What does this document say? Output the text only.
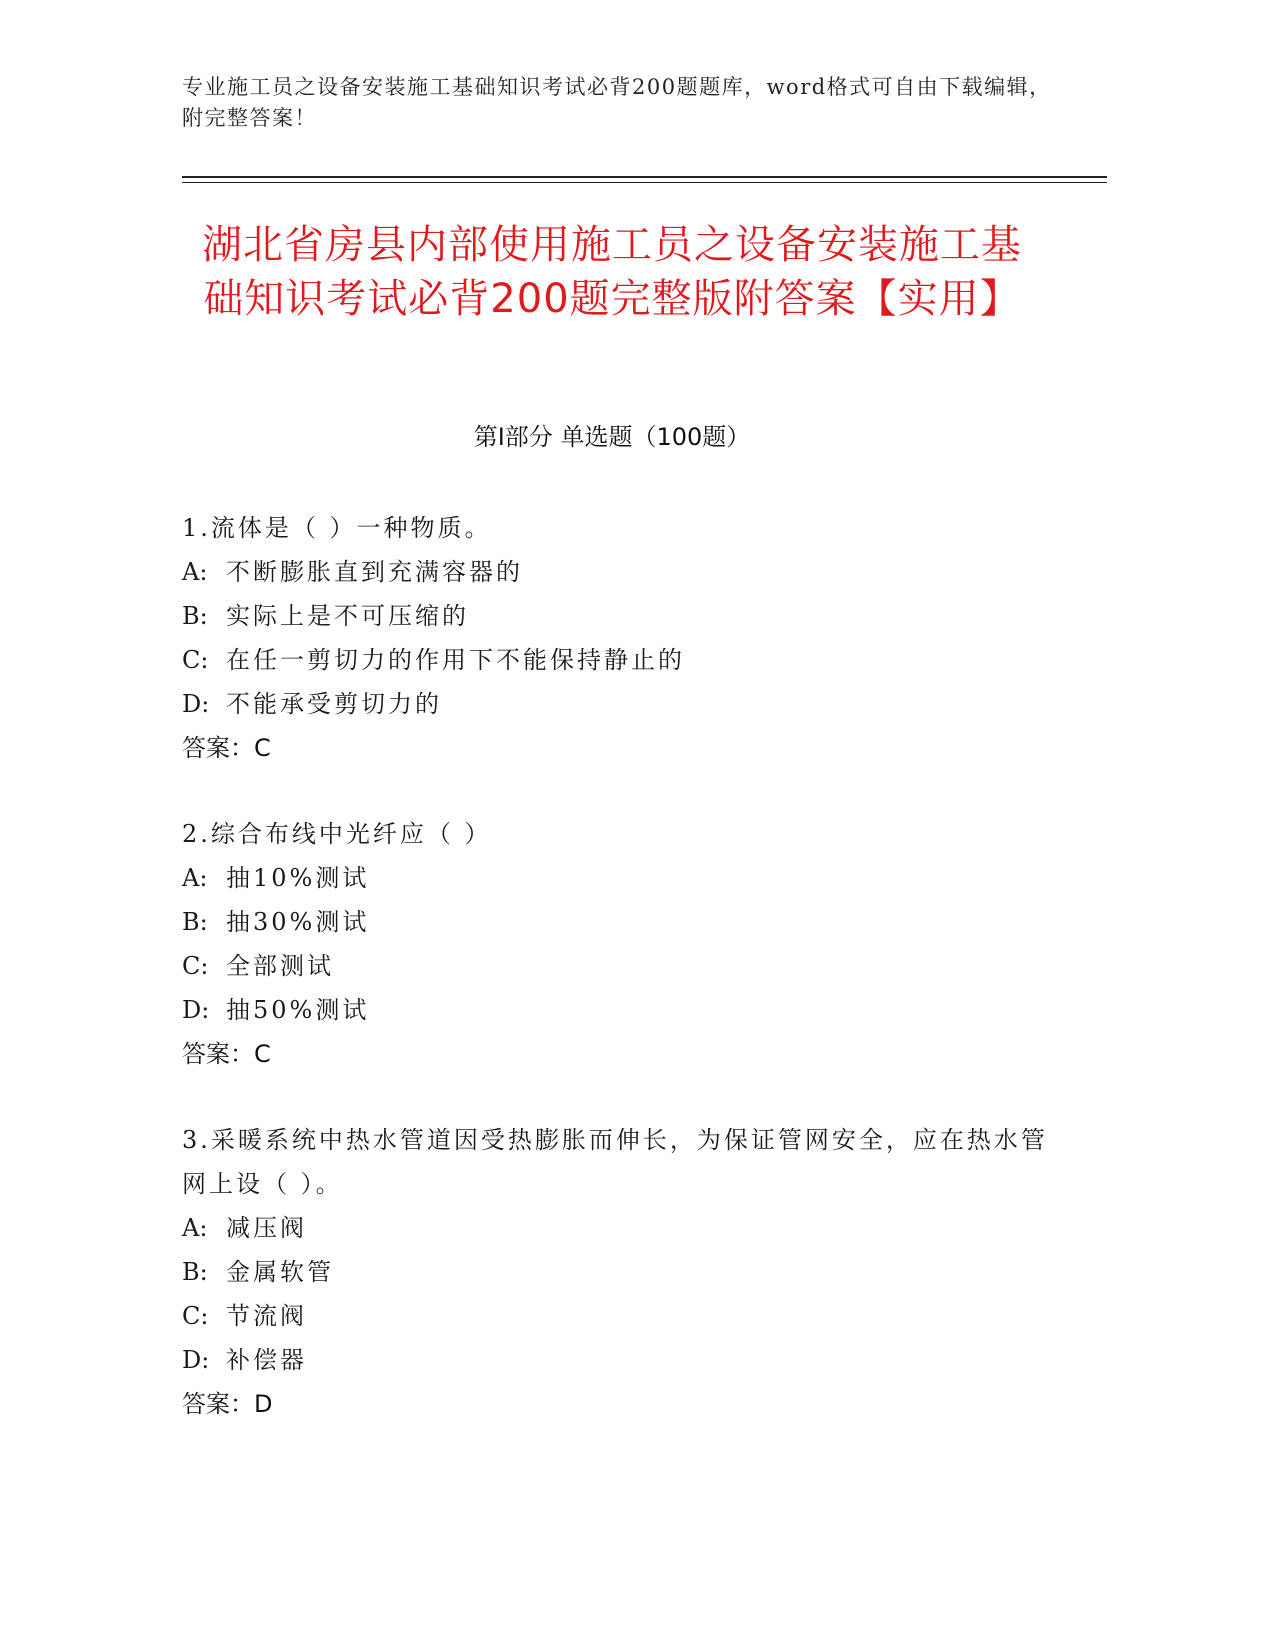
专业施工员之设备安装施工基础知识考试必背200题题库，word格式可自由下载编辑，附完整答案！
湖北省房县内部使用施工员之设备安装施工基础知识考试必背200题完整版附答案【实用】
第I部分 单选题（100题）
1.流体是（ ）一种物质。
A: 不断膨胀直到充满容器的
B: 实际上是不可压缩的
C: 在任一剪切力的作用下不能保持静止的
D: 不能承受剪切力的
答案：C
2.综合布线中光纤应（ ）
A: 抽10%测试
B: 抽30%测试
C: 全部测试
D: 抽50%测试
答案：C
3.采暖系统中热水管道因受热膨胀而伸长，为保证管网安全，应在热水管网上设（ ）。
A: 减压阀
B: 金属软管
C: 节流阀
D: 补偿器
答案：D
